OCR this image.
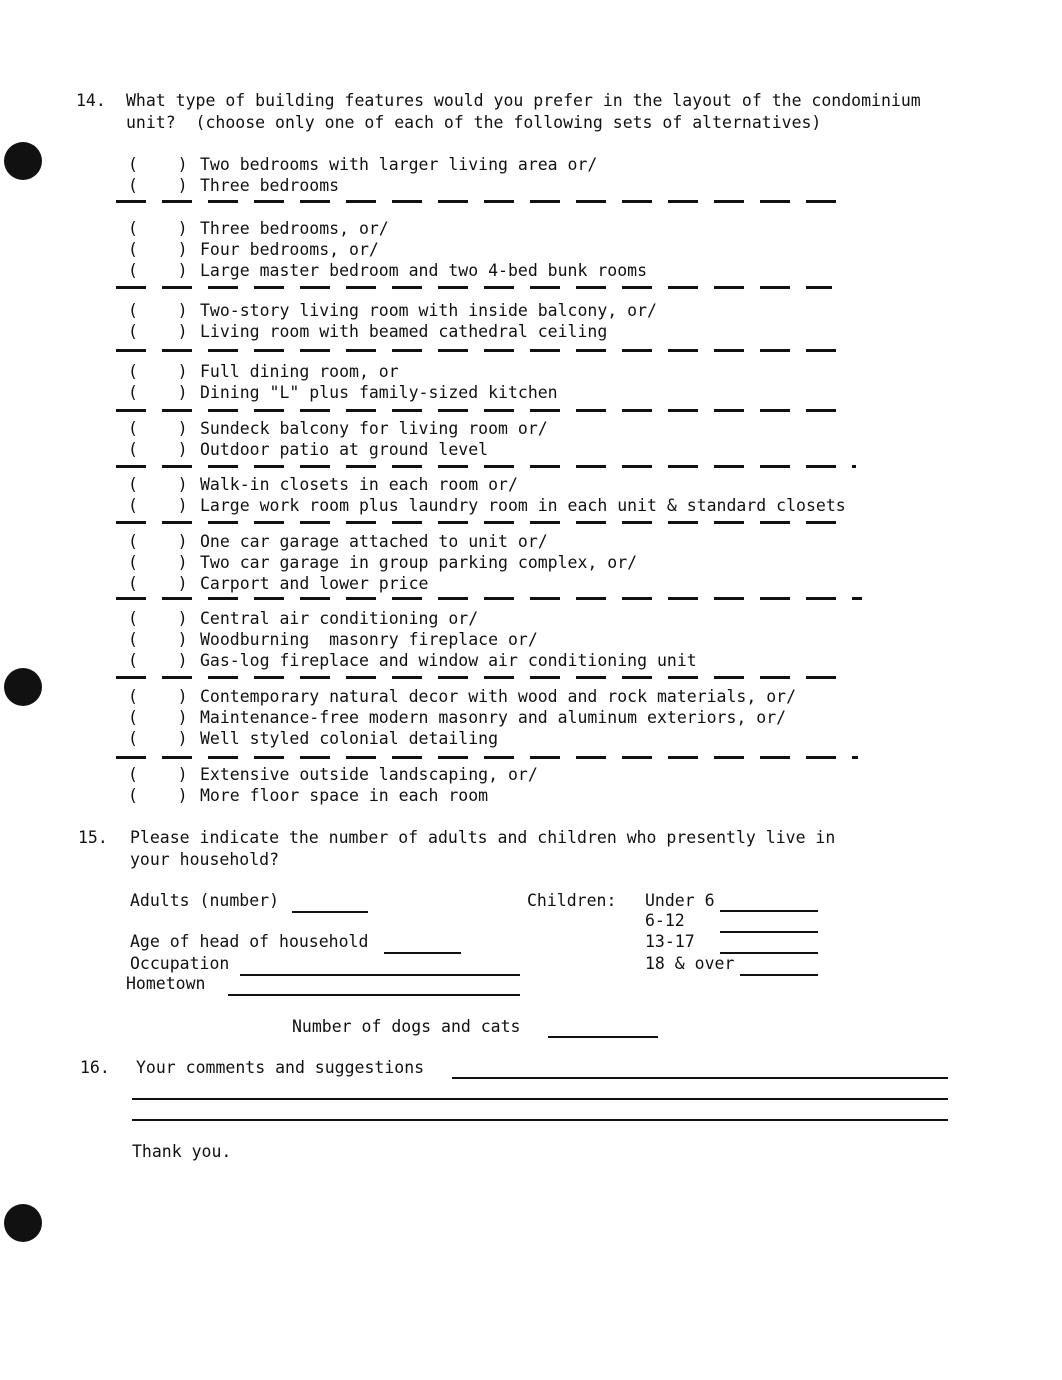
14. What type of building features would you prefer in the layout of the condominium
unit?  (choose only one of each of the following sets of alternatives)
(    ) Two bedrooms with larger living area or/
(    ) Three bedrooms
(    ) Three bedrooms, or/
(    ) Four bedrooms, or/
(    ) Large master bedroom and two 4-bed bunk rooms
(    ) Two-story living room with inside balcony, or/
(    ) Living room with beamed cathedral ceiling
(    ) Full dining room, or
(    ) Dining "L" plus family-sized kitchen
(    ) Sundeck balcony for living room or/
(    ) Outdoor patio at ground level
(    ) Walk-in closets in each room or/
(    ) Large work room plus laundry room in each unit & standard closets
(    ) One car garage attached to unit or/
(    ) Two car garage in group parking complex, or/
(    ) Carport and lower price
(    ) Central air conditioning or/
(    ) Woodburning  masonry fireplace or/
(    ) Gas-log fireplace and window air conditioning unit
(    ) Contemporary natural decor with wood and rock materials, or/
(    ) Maintenance-free modern masonry and aluminum exteriors, or/
(    ) Well styled colonial detailing
(    ) Extensive outside landscaping, or/
(    ) More floor space in each room
15. Please indicate the number of adults and children who presently live in
your household?
Adults (number)	Children: Under 6
6-12
Age of head of household	13-17
Occupation	18 & over
Hometown
Number of dogs and cats
16. Your comments and suggestions
Thank you.
